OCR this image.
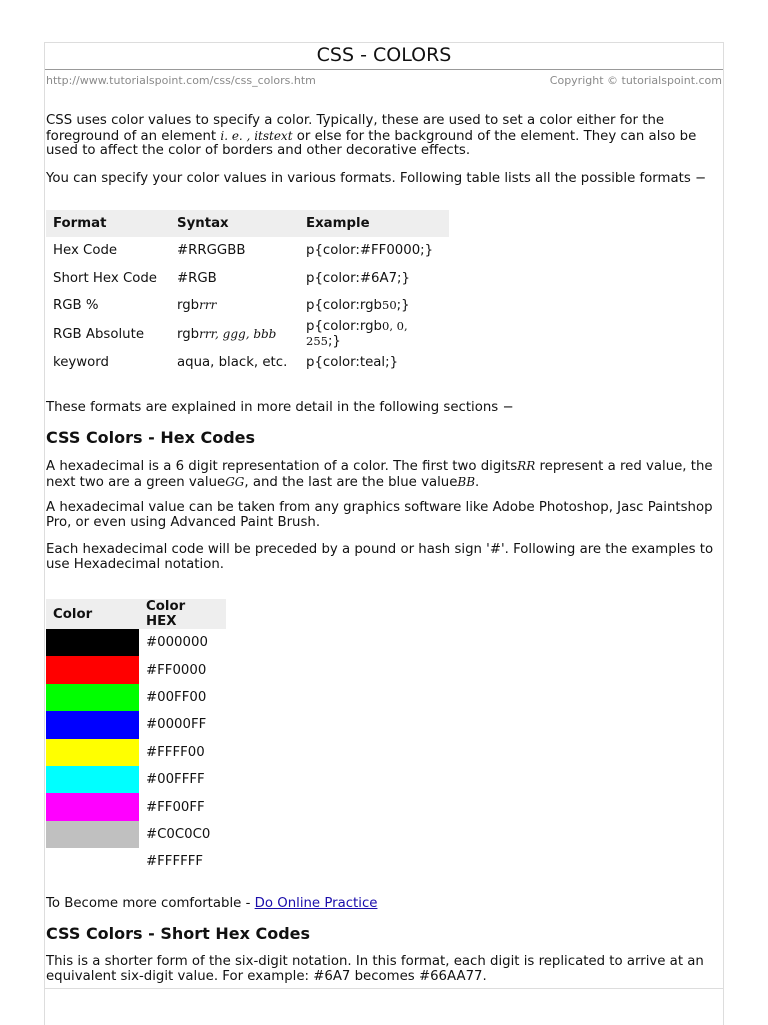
CSS - COLORS
http://www.tutorialspoint.com/css/css_colors.htm	Copyright © tutorialspoint.com

CSS uses color values to specify a color. Typically, these are used to set a color either for the foreground of an element i. e. , itstext or else for the background of the element. They can also be used to affect the color of borders and other decorative effects.

You can specify your color values in various formats. Following table lists all the possible formats −

Format	Syntax	Example
Hex Code	#RRGGBB	p{color:#FF0000;}
Short Hex Code	#RGB	p{color:#6A7;}
RGB %	rgbrrr	p{color:rgb50;}
RGB Absolute	rgbrrr, ggg, bbb	p{color:rgb0, 0, 255;}
keyword	aqua, black, etc.	p{color:teal;}

These formats are explained in more detail in the following sections −

CSS Colors - Hex Codes

A hexadecimal is a 6 digit representation of a color. The first two digitsRR represent a red value, the next two are a green valueGG, and the last are the blue valueBB.

A hexadecimal value can be taken from any graphics software like Adobe Photoshop, Jasc Paintshop Pro, or even using Advanced Paint Brush.

Each hexadecimal code will be preceded by a pound or hash sign '#'. Following are the examples to use Hexadecimal notation.

Color	Color HEX
	#000000
	#FF0000
	#00FF00
	#0000FF
	#FFFF00
	#00FFFF
	#FF00FF
	#C0C0C0
	#FFFFFF

To Become more comfortable - Do Online Practice

CSS Colors - Short Hex Codes

This is a shorter form of the six-digit notation. In this format, each digit is replicated to arrive at an equivalent six-digit value. For example: #6A7 becomes #66AA77.
